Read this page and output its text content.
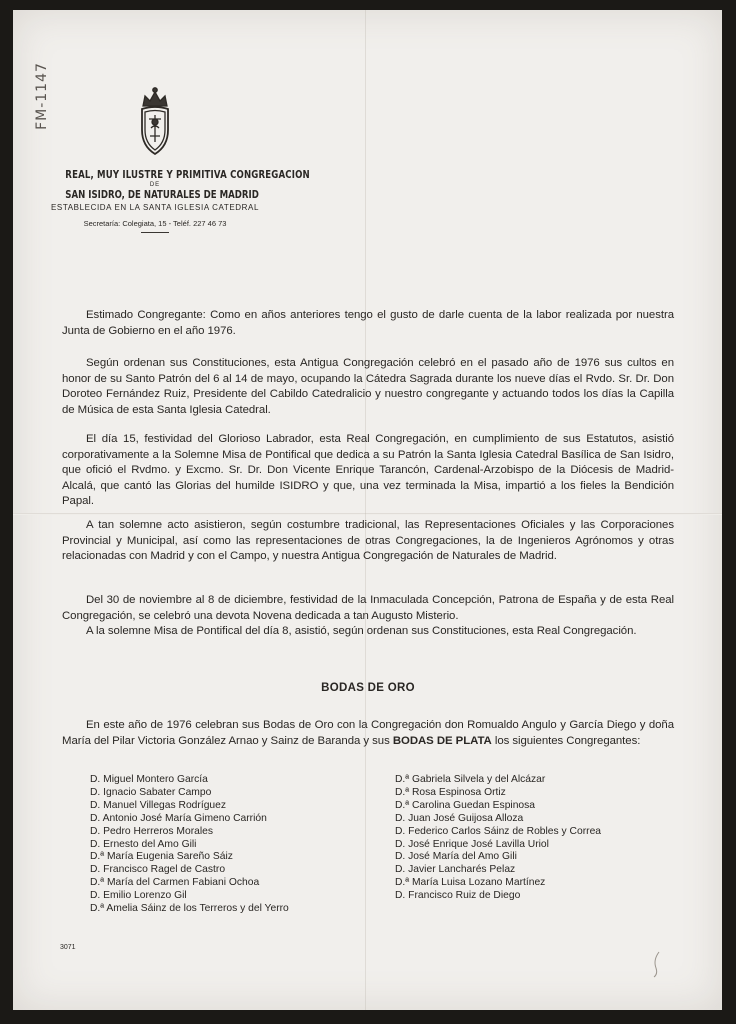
FM-1147
REAL, MUY ILUSTRE Y PRIMITIVA CONGREGACION
DE
SAN ISIDRO, DE NATURALES DE MADRID
ESTABLECIDA EN LA SANTA IGLESIA CATEDRAL
Secretaría: Colegiata, 15 - Teléf. 227 46 73

Estimado Congregante: Como en años anteriores tengo el gusto de darle cuenta de la labor realizada por nuestra Junta de Gobierno en el año 1976.

Según ordenan sus Constituciones, esta Antigua Congregación celebró en el pasado año de 1976 sus cultos en honor de su Santo Patrón del 6 al 14 de mayo, ocupando la Cátedra Sagrada durante los nueve días el Rvdo. Sr. Dr. Don Doroteo Fernández Ruiz, Presidente del Cabildo Catedralicio y nuestro congregante y actuando todos los días la Capilla de Música de esta Santa Iglesia Catedral.

El día 15, festividad del Glorioso Labrador, esta Real Congregación, en cumplimiento de sus Estatutos, asistió corporativamente a la Solemne Misa de Pontifical que dedica a su Patrón la Santa Iglesia Catedral Basílica de San Isidro, que ofició el Rvdmo. y Excmo. Sr. Dr. Don Vicente Enrique Tarancón, Cardenal-Arzobispo de la Diócesis de Madrid-Alcalá, que cantó las Glorias del humilde ISIDRO y que, una vez terminada la Misa, impartió a los fieles la Bendición Papal.

A tan solemne acto asistieron, según costumbre tradicional, las Representaciones Oficiales y las Corporaciones Provincial y Municipal, así como las representaciones de otras Congregaciones, la de Ingenieros Agrónomos y otras relacionadas con Madrid y con el Campo, y nuestra Antigua Congregación de Naturales de Madrid.

Del 30 de noviembre al 8 de diciembre, festividad de la Inmaculada Concepción, Patrona de España y de esta Real Congregación, se celebró una devota Novena dedicada a tan Augusto Misterio.

A la solemne Misa de Pontifical del día 8, asistió, según ordenan sus Constituciones, esta Real Congregación.

BODAS DE ORO

En este año de 1976 celebran sus Bodas de Oro con la Congregación don Romualdo Angulo y García Diego y doña María del Pilar Victoria González Arnao y Sainz de Baranda y sus BODAS DE PLATA los siguientes Congregantes:

D. Miguel Montero García
D. Ignacio Sabater Campo
D. Manuel Villegas Rodríguez
D. Antonio José María Gimeno Carrión
D. Pedro Herreros Morales
D. Ernesto del Amo Gili
D.ª María Eugenia Sareño Sáiz
D. Francisco Ragel de Castro
D.ª María del Carmen Fabiani Ochoa
D. Emilio Lorenzo Gil
D.ª Amelia Sáinz de los Terreros y del Yerro
D.ª Gabriela Silvela y del Alcázar
D.ª Rosa Espinosa Ortiz
D.ª Carolina Guedan Espinosa
D. Juan José Guijosa Alloza
D. Federico Carlos Sáinz de Robles y Correa
D. José Enrique José Lavilla Uriol
D. José María del Amo Gili
D. Javier Lancharés Pelaz
D.ª María Luisa Lozano Martínez
D. Francisco Ruiz de Diego
3071
